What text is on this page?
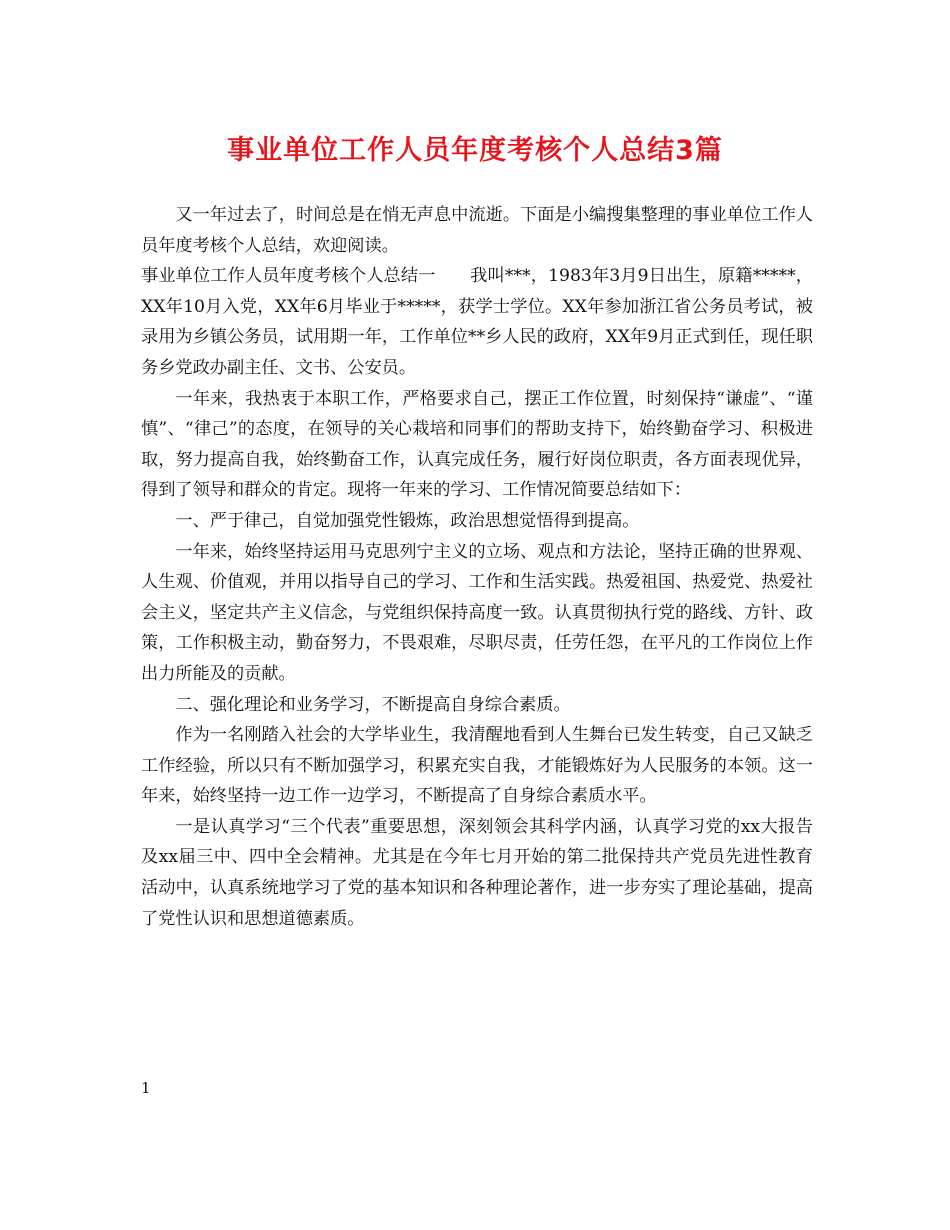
事业单位工作人员年度考核个人总结3篇

又一年过去了，时间总是在悄无声息中流逝。下面是小编搜集整理的事业单位工作人员年度考核个人总结，欢迎阅读。

事业单位工作人员年度考核个人总结一　　我叫***，1983年3月9日出生，原籍*****，XX年10月入党，XX年6月毕业于*****，获学士学位。XX年参加浙江省公务员考试，被录用为乡镇公务员，试用期一年，工作单位**乡人民的政府，XX年9月正式到任，现任职务乡党政办副主任、文书、公安员。

一年来，我热衷于本职工作，严格要求自己，摆正工作位置，时刻保持“谦虚”、“谨慎”、“律己”的态度，在领导的关心栽培和同事们的帮助支持下，始终勤奋学习、积极进取，努力提高自我，始终勤奋工作，认真完成任务，履行好岗位职责，各方面表现优异，得到了领导和群众的肯定。现将一年来的学习、工作情况简要总结如下：

一、严于律己，自觉加强党性锻炼，政治思想觉悟得到提高。

一年来，始终坚持运用马克思列宁主义的立场、观点和方法论，坚持正确的世界观、人生观、价值观，并用以指导自己的学习、工作和生活实践。热爱祖国、热爱党、热爱社会主义，坚定共产主义信念，与党组织保持高度一致。认真贯彻执行党的路线、方针、政策，工作积极主动，勤奋努力，不畏艰难，尽职尽责，任劳任怨，在平凡的工作岗位上作出力所能及的贡献。

二、强化理论和业务学习，不断提高自身综合素质。

作为一名刚踏入社会的大学毕业生，我清醒地看到人生舞台已发生转变，自己又缺乏工作经验，所以只有不断加强学习，积累充实自我，才能锻炼好为人民服务的本领。这一年来，始终坚持一边工作一边学习，不断提高了自身综合素质水平。

一是认真学习“三个代表”重要思想，深刻领会其科学内涵，认真学习党的xx大报告及xx届三中、四中全会精神。尤其是在今年七月开始的第二批保持共产党员先进性教育活动中，认真系统地学习了党的基本知识和各种理论著作，进一步夯实了理论基础，提高了党性认识和思想道德素质。

1
